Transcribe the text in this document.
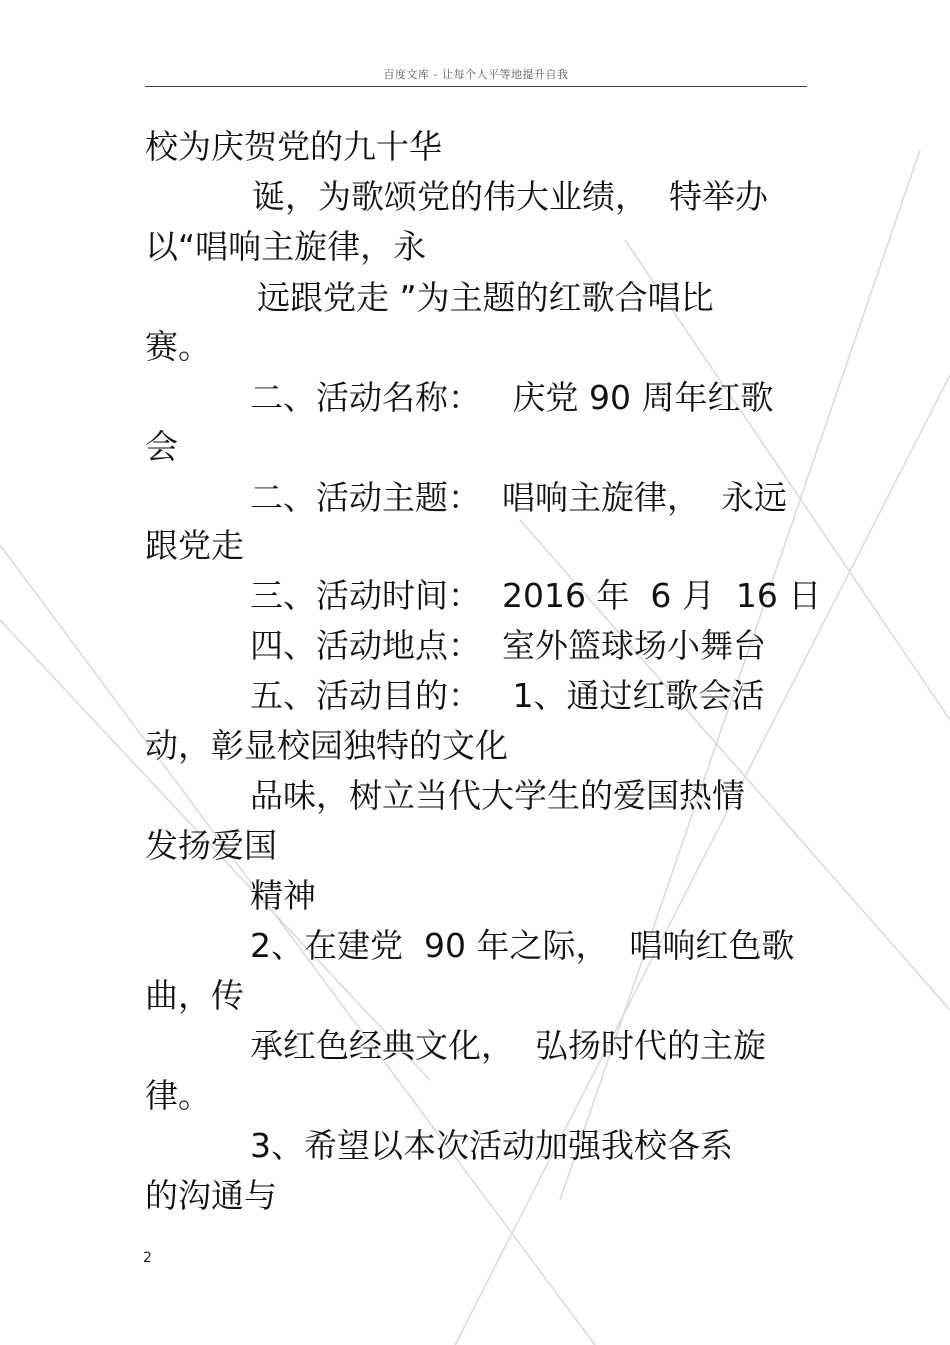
百度文库 - 让每个人平等地提升自我

校为庆贺党的九十华

诞，为歌颂党的伟大业绩，  特举办

以“唱响主旋律，永

远跟党走 ”为主题的红歌合唱比

赛。

二、活动名称：   庆党 90 周年红歌

会

二、活动主题：  唱响主旋律，  永远

跟党走

三、活动时间：  2016 年  6 月  16 日

四、活动地点：  室外篮球场小舞台

五、活动目的：   1、通过红歌会活

动，彰显校园独特的文化

品味，树立当代大学生的爱国热情

发扬爱国

精神

2、在建党  90 年之际，  唱响红色歌

曲，传

承红色经典文化，  弘扬时代的主旋

律。

3、希望以本次活动加强我校各系

的沟通与

2
